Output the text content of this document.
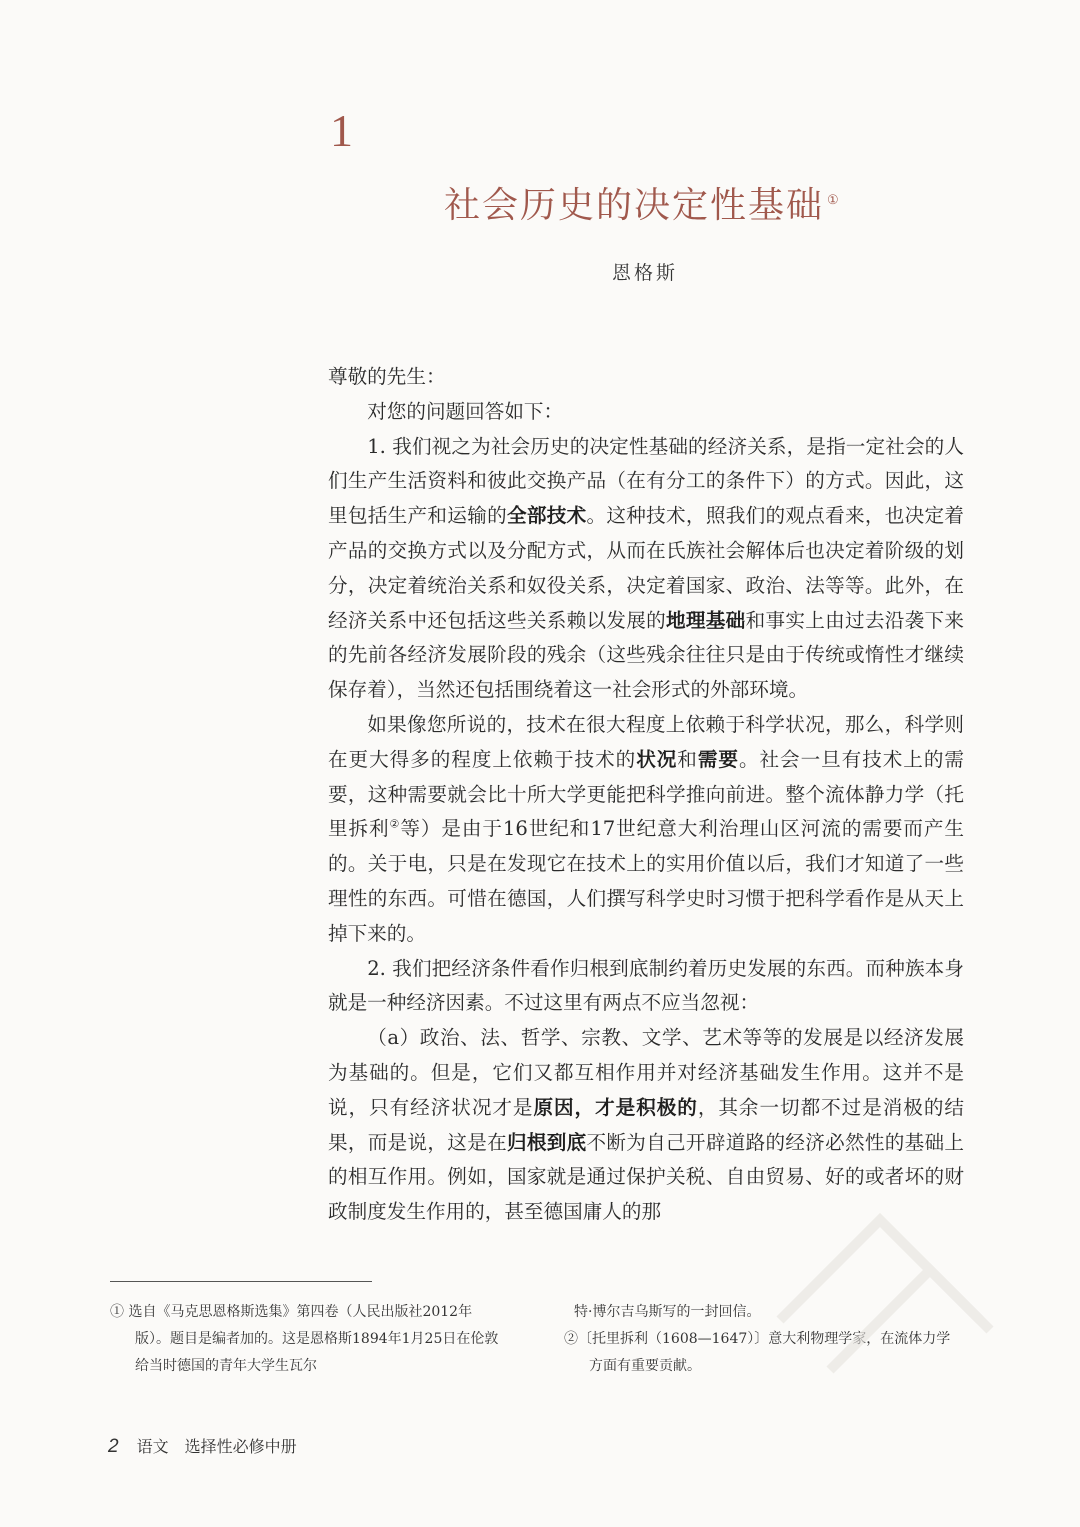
1
社会历史的决定性基础 ①
恩格斯

尊敬的先生：

对您的问题回答如下：

1. 我们视之为社会历史的决定性基础的经济关系，是指一定社会的人们生产生活资料和彼此交换产品（在有分工的条件下）的方式。因此，这里包括生产和运输的全部技术。这种技术，照我们的观点看来，也决定着产品的交换方式以及分配方式，从而在氏族社会解体后也决定着阶级的划分，决定着统治关系和奴役关系，决定着国家、政治、法等等。此外，在经济关系中还包括这些关系赖以发展的地理基础和事实上由过去沿袭下来的先前各经济发展阶段的残余（这些残余往往只是由于传统或惰性才继续保存着），当然还包括围绕着这一社会形式的外部环境。

如果像您所说的，技术在很大程度上依赖于科学状况，那么，科学则在更大得多的程度上依赖于技术的状况和需要。社会一旦有技术上的需要，这种需要就会比十所大学更能把科学推向前进。整个流体静力学（托里拆利②等）是由于16世纪和17世纪意大利治理山区河流的需要而产生的。关于电，只是在发现它在技术上的实用价值以后，我们才知道了一些理性的东西。可惜在德国，人们撰写科学史时习惯于把科学看作是从天上掉下来的。

2. 我们把经济条件看作归根到底制约着历史发展的东西。而种族本身就是一种经济因素。不过这里有两点不应当忽视：

（a）政治、法、哲学、宗教、文学、艺术等等的发展是以经济发展为基础的。但是，它们又都互相作用并对经济基础发生作用。这并不是说，只有经济状况才是原因，才是积极的，其余一切都不过是消极的结果，而是说，这是在归根到底不断为自己开辟道路的经济必然性的基础上的相互作用。例如，国家就是通过保护关税、自由贸易、好的或者坏的财政制度发生作用的，甚至德国庸人的那

① 选自《马克思恩格斯选集》第四卷（人民出版社2012年版）。题目是编者加的。这是恩格斯1894年1月25日在伦敦给当时德国的青年大学生瓦尔

特·博尔吉乌斯写的一封回信。

②〔托里拆利（1608—1647）〕意大利物理学家，在流体力学方面有重要贡献。

2 语文　选择性必修中册
